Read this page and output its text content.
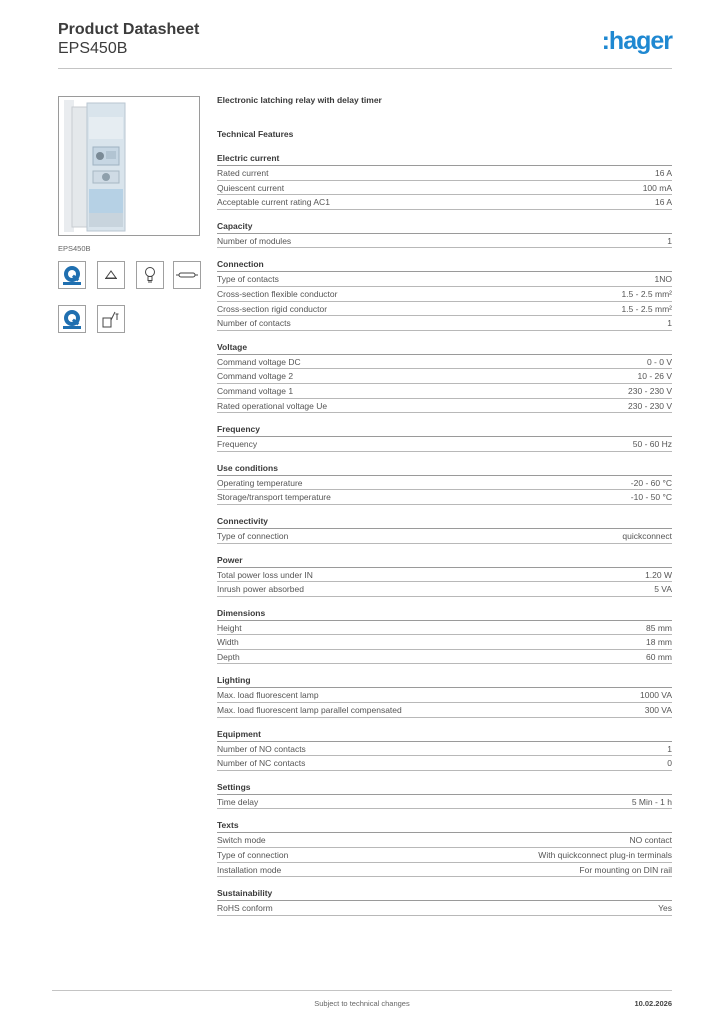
Product Datasheet
EPS450B	:hager
EPS450B
Electronic latching relay with delay timer
Technical Features
Electric current
Rated current	16 A
Quiescent current	100 mA
Acceptable current rating AC1	16 A
Capacity
Number of modules	1
Connection
Type of contacts	1NO
Cross-section flexible conductor	1.5 - 2.5 mm²
Cross-section rigid conductor	1.5 - 2.5 mm²
Number of contacts	1
Voltage
Command voltage DC	0 - 0 V
Command voltage 2	10 - 26 V
Command voltage 1	230 - 230 V
Rated operational voltage Ue	230 - 230 V
Frequency
Frequency	50 - 60 Hz
Use conditions
Operating temperature	-20 - 60 °C
Storage/transport temperature	-10 - 50 °C
Connectivity
Type of connection	quickconnect
Power
Total power loss under IN	1.20 W
Inrush power absorbed	5 VA
Dimensions
Height	85 mm
Width	18 mm
Depth	60 mm
Lighting
Max. load fluorescent lamp	1000 VA
Max. load fluorescent lamp parallel compensated	300 VA
Equipment
Number of NO contacts	1
Number of NC contacts	0
Settings
Time delay	5 Min - 1 h
Texts
Switch mode	NO contact
Type of connection	With quickconnect plug-in terminals
Installation mode	For mounting on DIN rail
Sustainability
RoHS conform	Yes
Subject to technical changes	10.02.2026
